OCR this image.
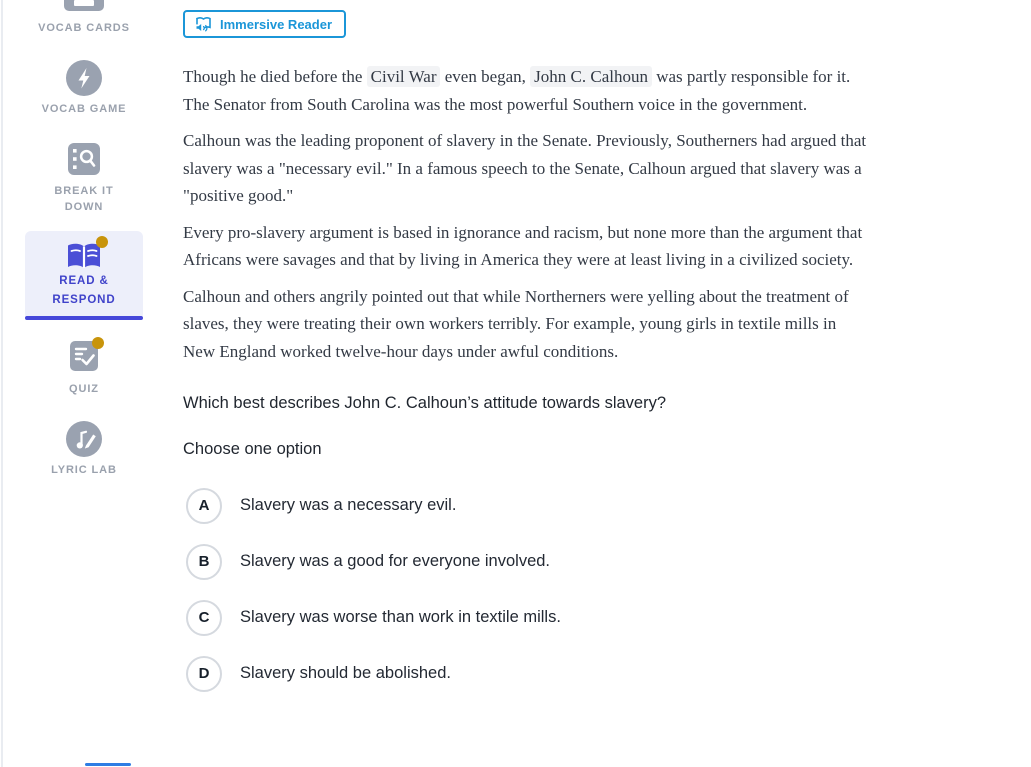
VOCAB CARDS
VOCAB GAME
BREAK IT
DOWN
READ &
RESPOND
QUIZ
LYRIC LAB
Immersive Reader

Though he died before the Civil War even began, John C. Calhoun was partly responsible for it. The Senator from South Carolina was the most powerful Southern voice in the government.

Calhoun was the leading proponent of slavery in the Senate. Previously, Southerners had argued that slavery was a "necessary evil." In a famous speech to the Senate, Calhoun argued that slavery was a "positive good."

Every pro-slavery argument is based in ignorance and racism, but none more than the argument that Africans were savages and that by living in America they were at least living in a civilized society.

Calhoun and others angrily pointed out that while Northerners were yelling about the treatment of slaves, they were treating their own workers terribly. For example, young girls in textile mills in New England worked twelve-hour days under awful conditions.

Which best describes John C. Calhoun’s attitude towards slavery?
Choose one option
A	Slavery was a necessary evil.
B	Slavery was a good for everyone involved.
C	Slavery was worse than work in textile mills.
D	Slavery should be abolished.
